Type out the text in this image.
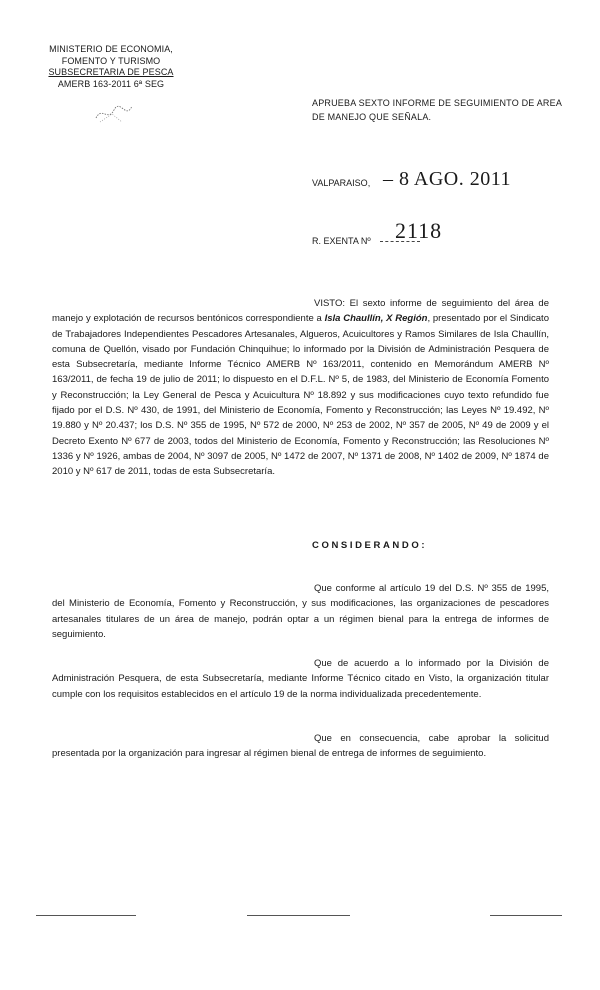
MINISTERIO DE ECONOMIA,
FOMENTO Y TURISMO
SUBSECRETARIA DE PESCA
AMERB 163-2011 6ª SEG
APRUEBA SEXTO INFORME DE SEGUIMIENTO DE AREA DE MANEJO QUE SEÑALA.
VALPARAISO, – 8 AGO. 2011
R. EXENTA Nº 2118
VISTO: El sexto informe de seguimiento del área de manejo y explotación de recursos bentónicos correspondiente a Isla Chaullín, X Región, presentado por el Sindicato de Trabajadores Independientes Pescadores Artesanales, Algueros, Acuicultores y Ramos Similares de Isla Chaullín, comuna de Quellón, visado por Fundación Chinquihue; lo informado por la División de Administración Pesquera de esta Subsecretaría, mediante Informe Técnico AMERB Nº 163/2011, contenido en Memorándum AMERB Nº 163/2011, de fecha 19 de julio de 2011; lo dispuesto en el D.F.L. Nº 5, de 1983, del Ministerio de Economía Fomento y Reconstrucción; la Ley General de Pesca y Acuicultura Nº 18.892 y sus modificaciones cuyo texto refundido fue fijado por el D.S. Nº 430, de 1991, del Ministerio de Economía, Fomento y Reconstrucción; las Leyes Nº 19.492, Nº 19.880 y Nº 20.437; los D.S. Nº 355 de 1995, Nº 572 de 2000, Nº 253 de 2002, Nº 357 de 2005, Nº 49 de 2009 y el Decreto Exento Nº 677 de 2003, todos del Ministerio de Economía, Fomento y Reconstrucción; las Resoluciones Nº 1336 y Nº 1926, ambas de 2004, Nº 3097 de 2005, Nº 1472 de 2007, Nº 1371 de 2008, Nº 1402 de 2009, Nº 1874 de 2010 y Nº 617 de 2011, todas de esta Subsecretaría.
CONSIDERANDO:
Que conforme al artículo 19 del D.S. Nº 355 de 1995, del Ministerio de Economía, Fomento y Reconstrucción, y sus modificaciones, las organizaciones de pescadores artesanales titulares de un área de manejo, podrán optar a un régimen bienal para la entrega de informes de seguimiento.
Que de acuerdo a lo informado por la División de Administración Pesquera, de esta Subsecretaría, mediante Informe Técnico citado en Visto, la organización titular cumple con los requisitos establecidos en el artículo 19 de la norma individualizada precedentemente.
Que en consecuencia, cabe aprobar la solicitud presentada por la organización para ingresar al régimen bienal de entrega de informes de seguimiento.
